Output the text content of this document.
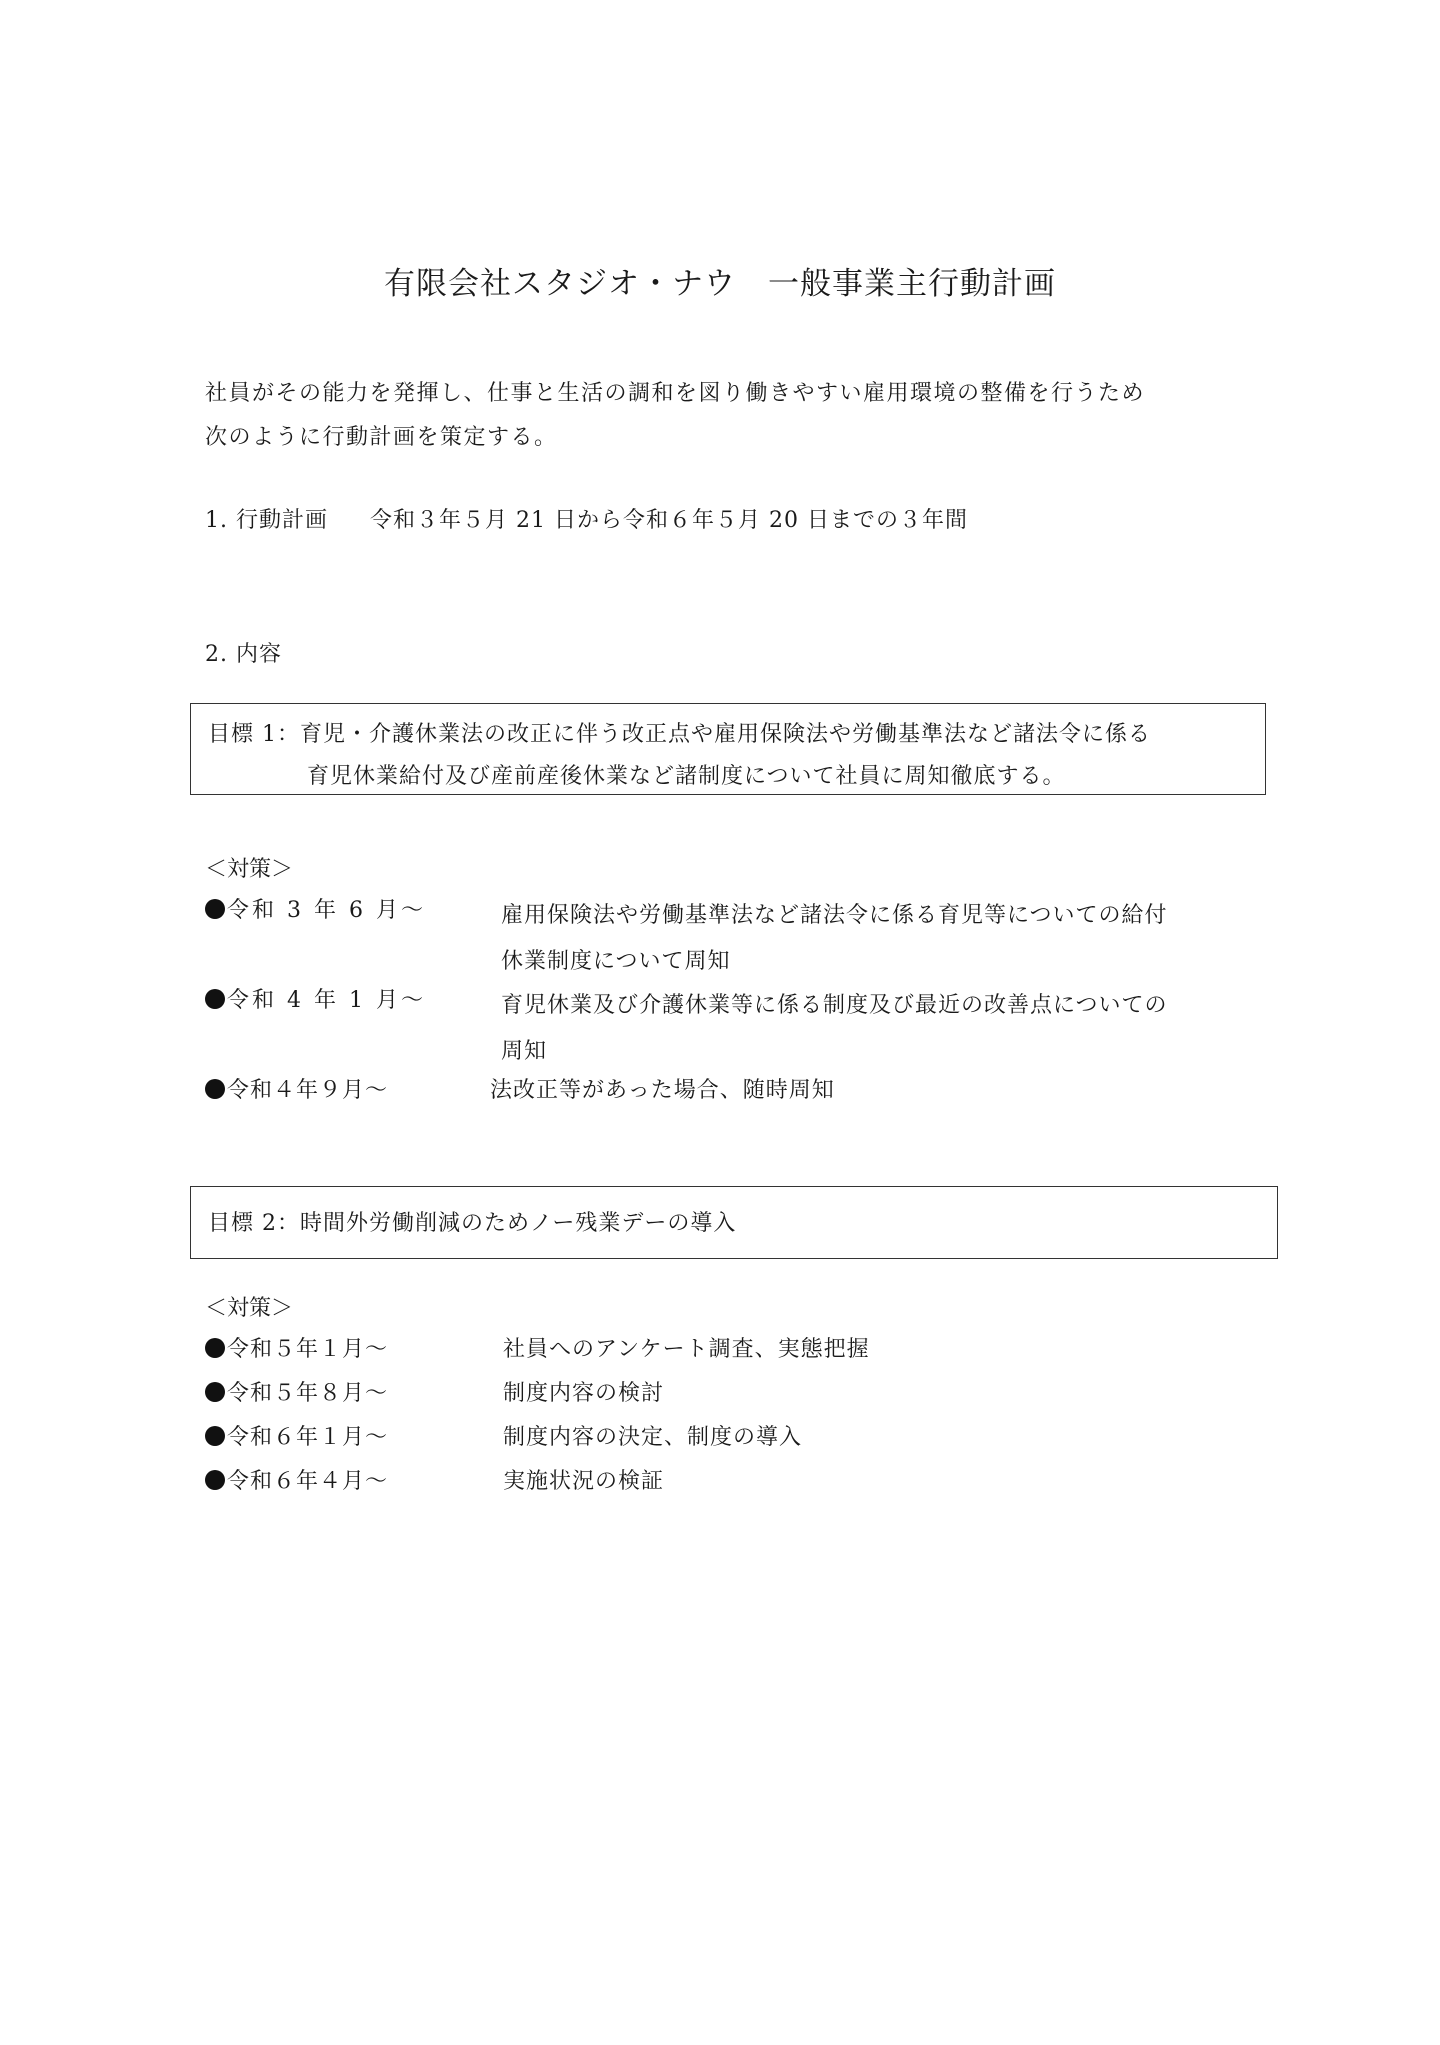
有限会社スタジオ・ナウ　一般事業主行動計画
社員がその能力を発揮し、仕事と生活の調和を図り働きやすい雇用環境の整備を行うため
次のように行動計画を策定する。
1. 行動計画 令和３年５月 21 日から令和６年５月 20 日までの３年間
2. 内容
目標 1：育児・介護休業法の改正に伴う改正点や雇用保険法や労働基準法など諸法令に係る
育児休業給付及び産前産後休業など諸制度について社員に周知徹底する。
＜対策＞
令和 3 年 6 月～	雇用保険法や労働基準法など諸法令に係る育児等についての給付
休業制度について周知
令和 4 年 1 月～	育児休業及び介護休業等に係る制度及び最近の改善点についての
周知
令和４年９月～	法改正等があった場合、随時周知
目標 2：時間外労働削減のためノー残業デーの導入
＜対策＞
令和５年１月～	社員へのアンケート調査、実態把握
令和５年８月～	制度内容の検討
令和６年１月～	制度内容の決定、制度の導入
令和６年４月～	実施状況の検証
